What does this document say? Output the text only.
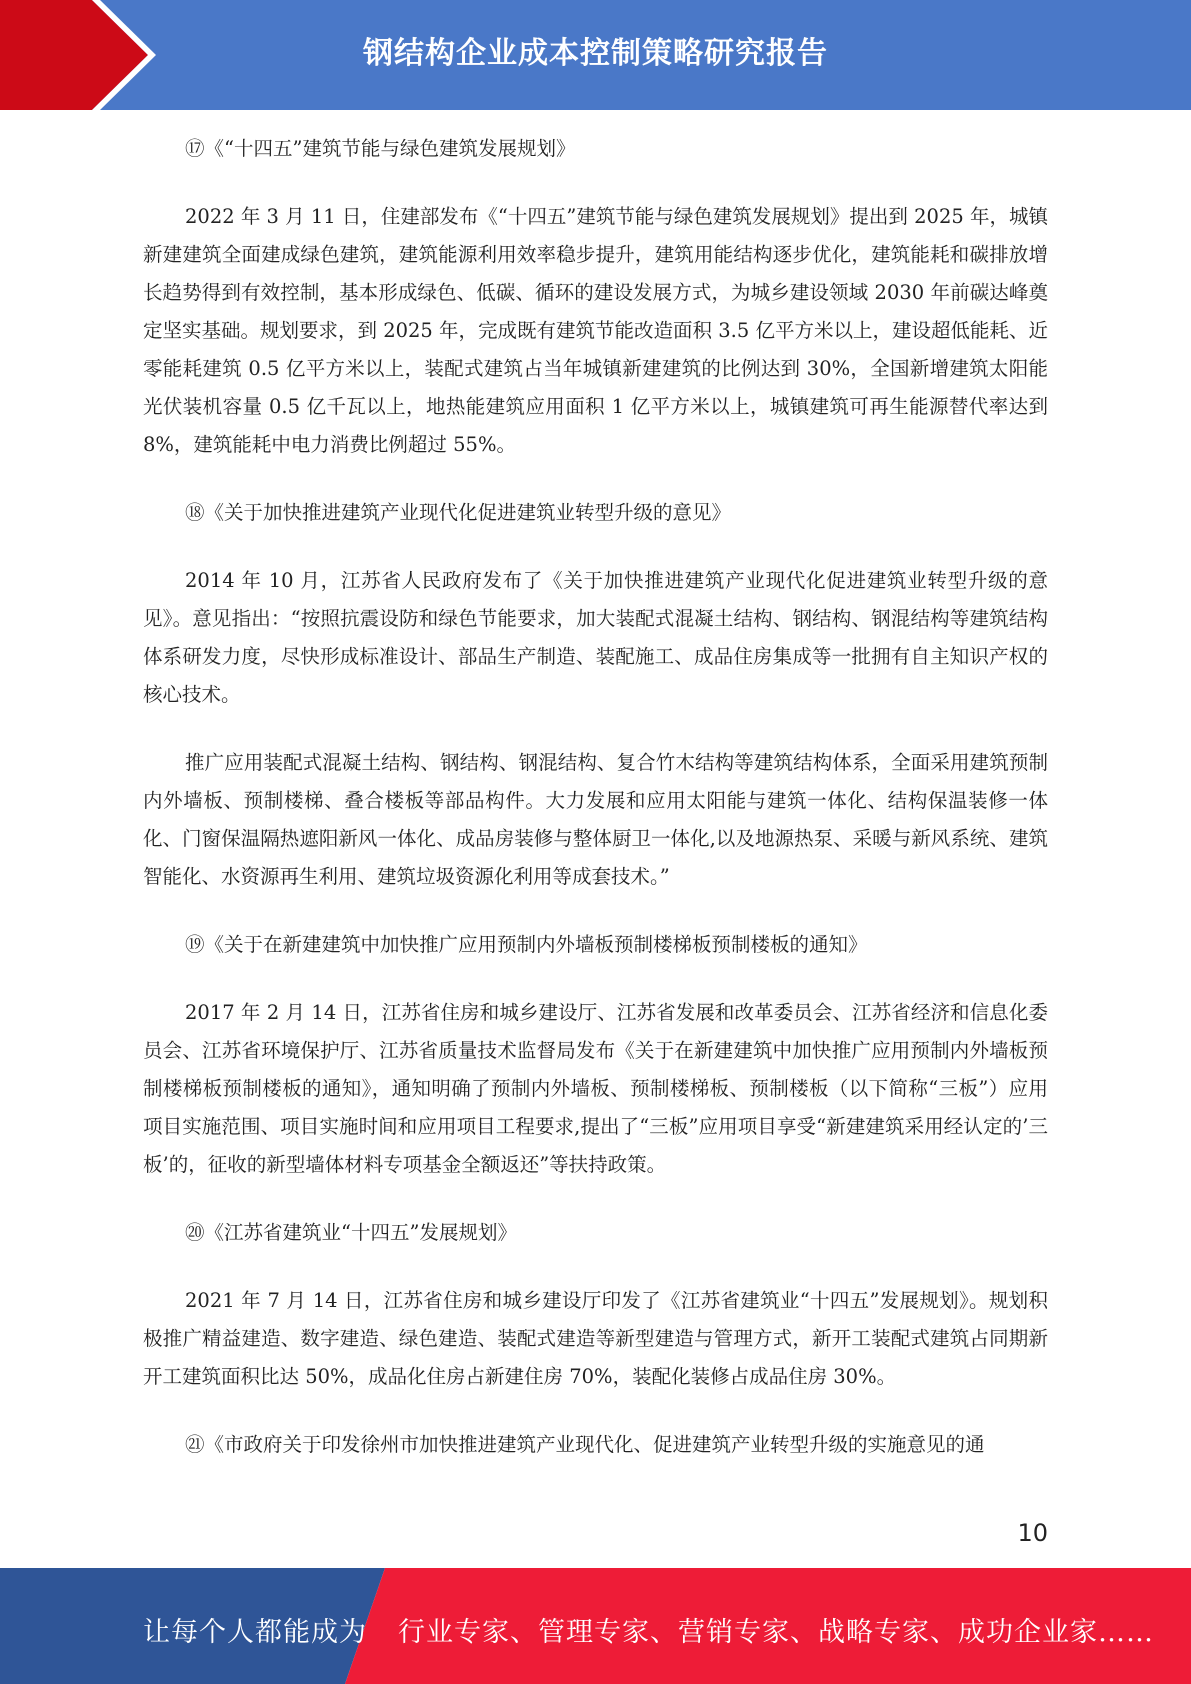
钢结构企业成本控制策略研究报告

⑰《“十四五”建筑节能与绿色建筑发展规划》

2022 年 3 月 11 日，住建部发布《“十四五”建筑节能与绿色建筑发展规划》提出到 2025 年，城镇新建建筑全面建成绿色建筑，建筑能源利用效率稳步提升，建筑用能结构逐步优化，建筑能耗和碳排放增长趋势得到有效控制，基本形成绿色、低碳、循环的建设发展方式，为城乡建设领域 2030 年前碳达峰奠定坚实基础。规划要求，到 2025 年，完成既有建筑节能改造面积 3.5 亿平方米以上，建设超低能耗、近零能耗建筑 0.5 亿平方米以上，装配式建筑占当年城镇新建建筑的比例达到 30%，全国新增建筑太阳能光伏装机容量 0.5 亿千瓦以上，地热能建筑应用面积 1 亿平方米以上，城镇建筑可再生能源替代率达到 8%，建筑能耗中电力消费比例超过 55%。

⑱《关于加快推进建筑产业现代化促进建筑业转型升级的意见》

2014 年 10 月，江苏省人民政府发布了《关于加快推进建筑产业现代化促进建筑业转型升级的意见》。意见指出：“按照抗震设防和绿色节能要求，加大装配式混凝土结构、钢结构、钢混结构等建筑结构体系研发力度，尽快形成标准设计、部品生产制造、装配施工、成品住房集成等一批拥有自主知识产权的核心技术。

推广应用装配式混凝土结构、钢结构、钢混结构、复合竹木结构等建筑结构体系，全面采用建筑预制内外墙板、预制楼梯、叠合楼板等部品构件。大力发展和应用太阳能与建筑一体化、结构保温装修一体化、门窗保温隔热遮阳新风一体化、成品房装修与整体厨卫一体化,以及地源热泵、采暖与新风系统、建筑智能化、水资源再生利用、建筑垃圾资源化利用等成套技术。”

⑲《关于在新建建筑中加快推广应用预制内外墙板预制楼梯板预制楼板的通知》

2017 年 2 月 14 日，江苏省住房和城乡建设厅、江苏省发展和改革委员会、江苏省经济和信息化委员会、江苏省环境保护厅、江苏省质量技术监督局发布《关于在新建建筑中加快推广应用预制内外墙板预制楼梯板预制楼板的通知》，通知明确了预制内外墙板、预制楼梯板、预制楼板（以下简称“三板”）应用项目实施范围、项目实施时间和应用项目工程要求,提出了“三板”应用项目享受“新建建筑采用经认定的’三板’的，征收的新型墙体材料专项基金全额返还”等扶持政策。

⑳《江苏省建筑业“十四五”发展规划》

2021 年 7 月 14 日，江苏省住房和城乡建设厅印发了《江苏省建筑业“十四五”发展规划》。规划积极推广精益建造、数字建造、绿色建造、装配式建造等新型建造与管理方式，新开工装配式建筑占同期新开工建筑面积比达 50%，成品化住房占新建住房 70%，装配化装修占成品住房 30%。

㉑《市政府关于印发徐州市加快推进建筑产业现代化、促进建筑产业转型升级的实施意见的通

10
让每个人都能成为 行业专家、管理专家、营销专家、战略专家、成功企业家……
